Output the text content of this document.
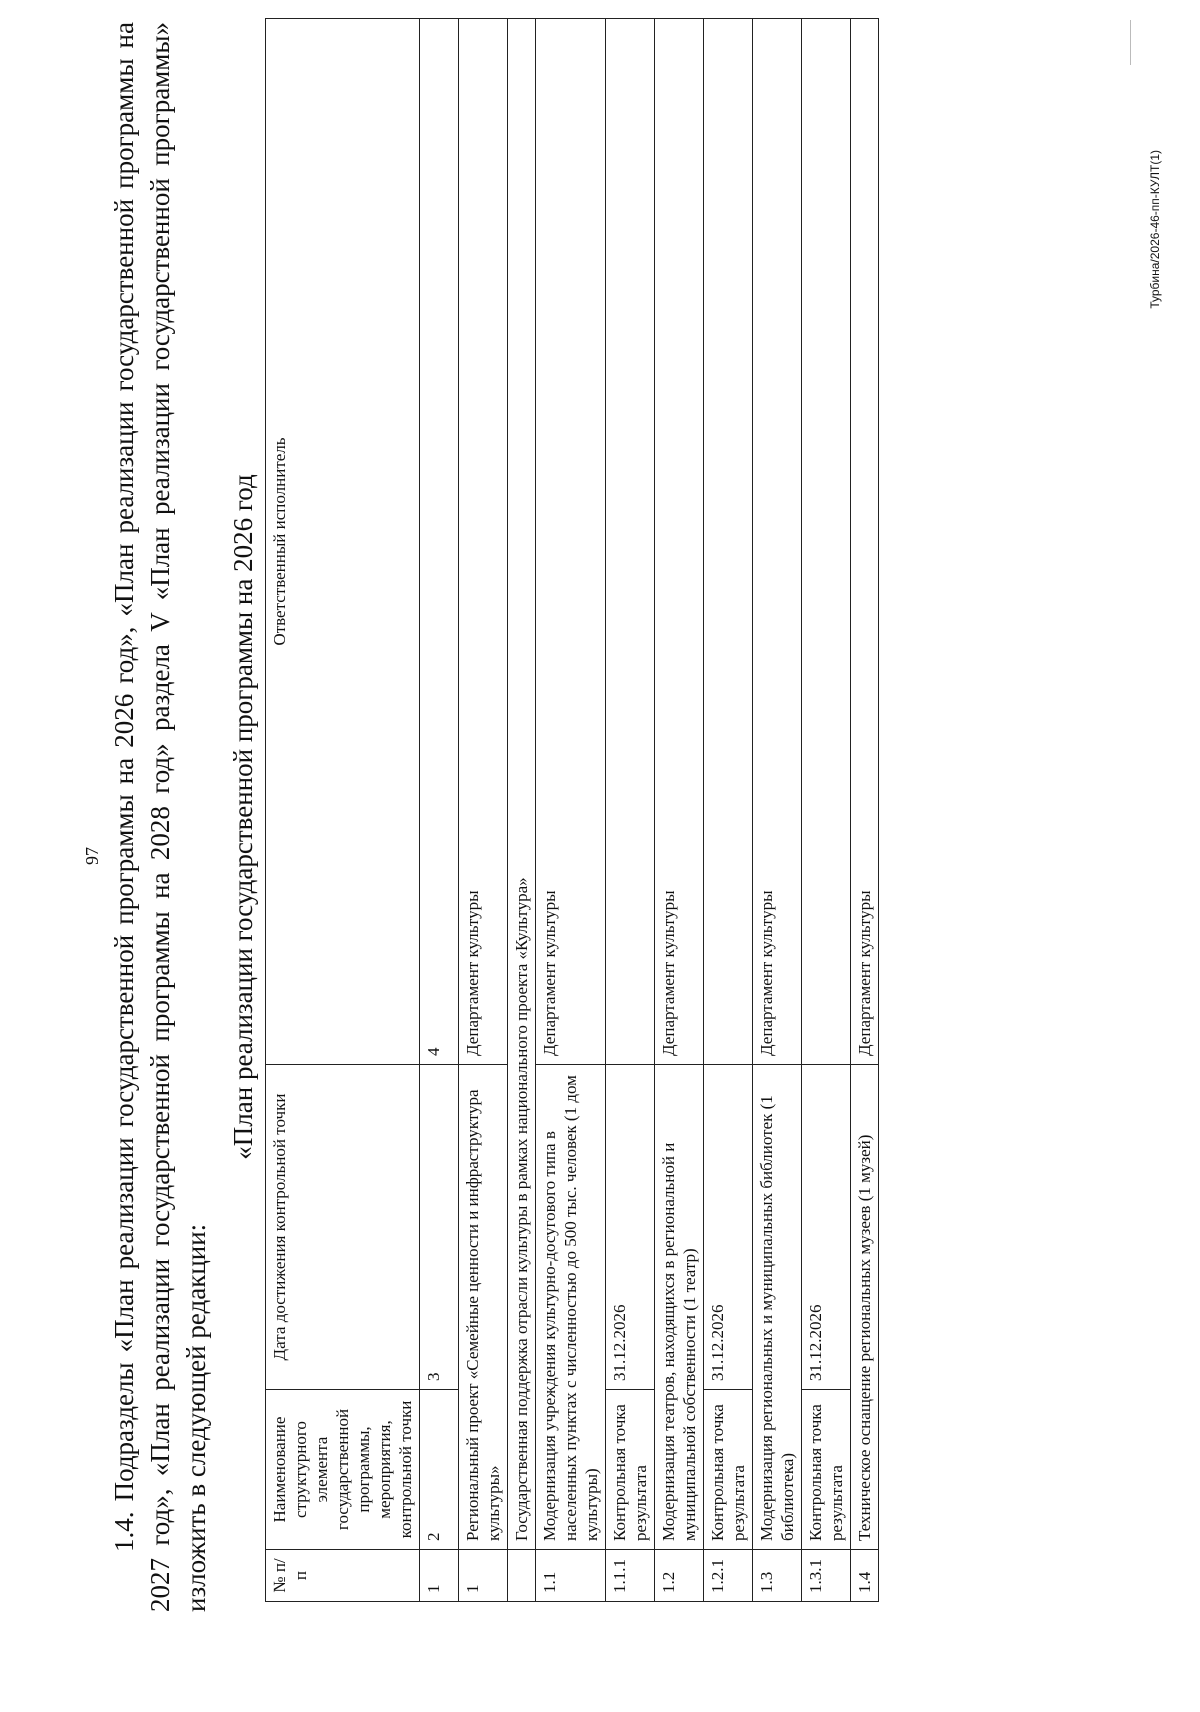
97 1.4. Подразделы «План реализации государственной программы на 2026 год», «План реализации государственной программы на 2027 год», «План реализации государственной программы на 2028 год» раздела V «План реализации государственной программы» изложить в следующей редакции:

«План реализации государственной программы на 2026 год
№ п/п	Наименование структурного элемента государственной программы, мероприятия, контрольной точки	Дата достижения контрольной точки	Ответственный исполнитель
1	2	3	4
1	Региональный проект «Семейные ценности и инфраструктура культуры»		Департамент культуры
	Государственная поддержка отрасли культуры в рамках национального проекта «Культура»		
1.1	Модернизация учреждения культурно-досугового типа в населенных пунктах с численностью до 500 тыс. человек (1 дом культуры)		Департамент культуры
1.1.1	Контрольная точка результата	31.12.2026	
1.2	Модернизация театров, находящихся в региональной и муниципальной собственности (1 театр)		Департамент культуры
1.2.1	Контрольная точка результата	31.12.2026	
1.3	Модернизация региональных и муниципальных библиотек (1 библиотека)		Департамент культуры
1.3.1	Контрольная точка результата	31.12.2026	
1.4	Техническое оснащение региональных музеев (1 музей)		Департамент культуры
Турбина/2026-46-пп-КУЛТ(1)
